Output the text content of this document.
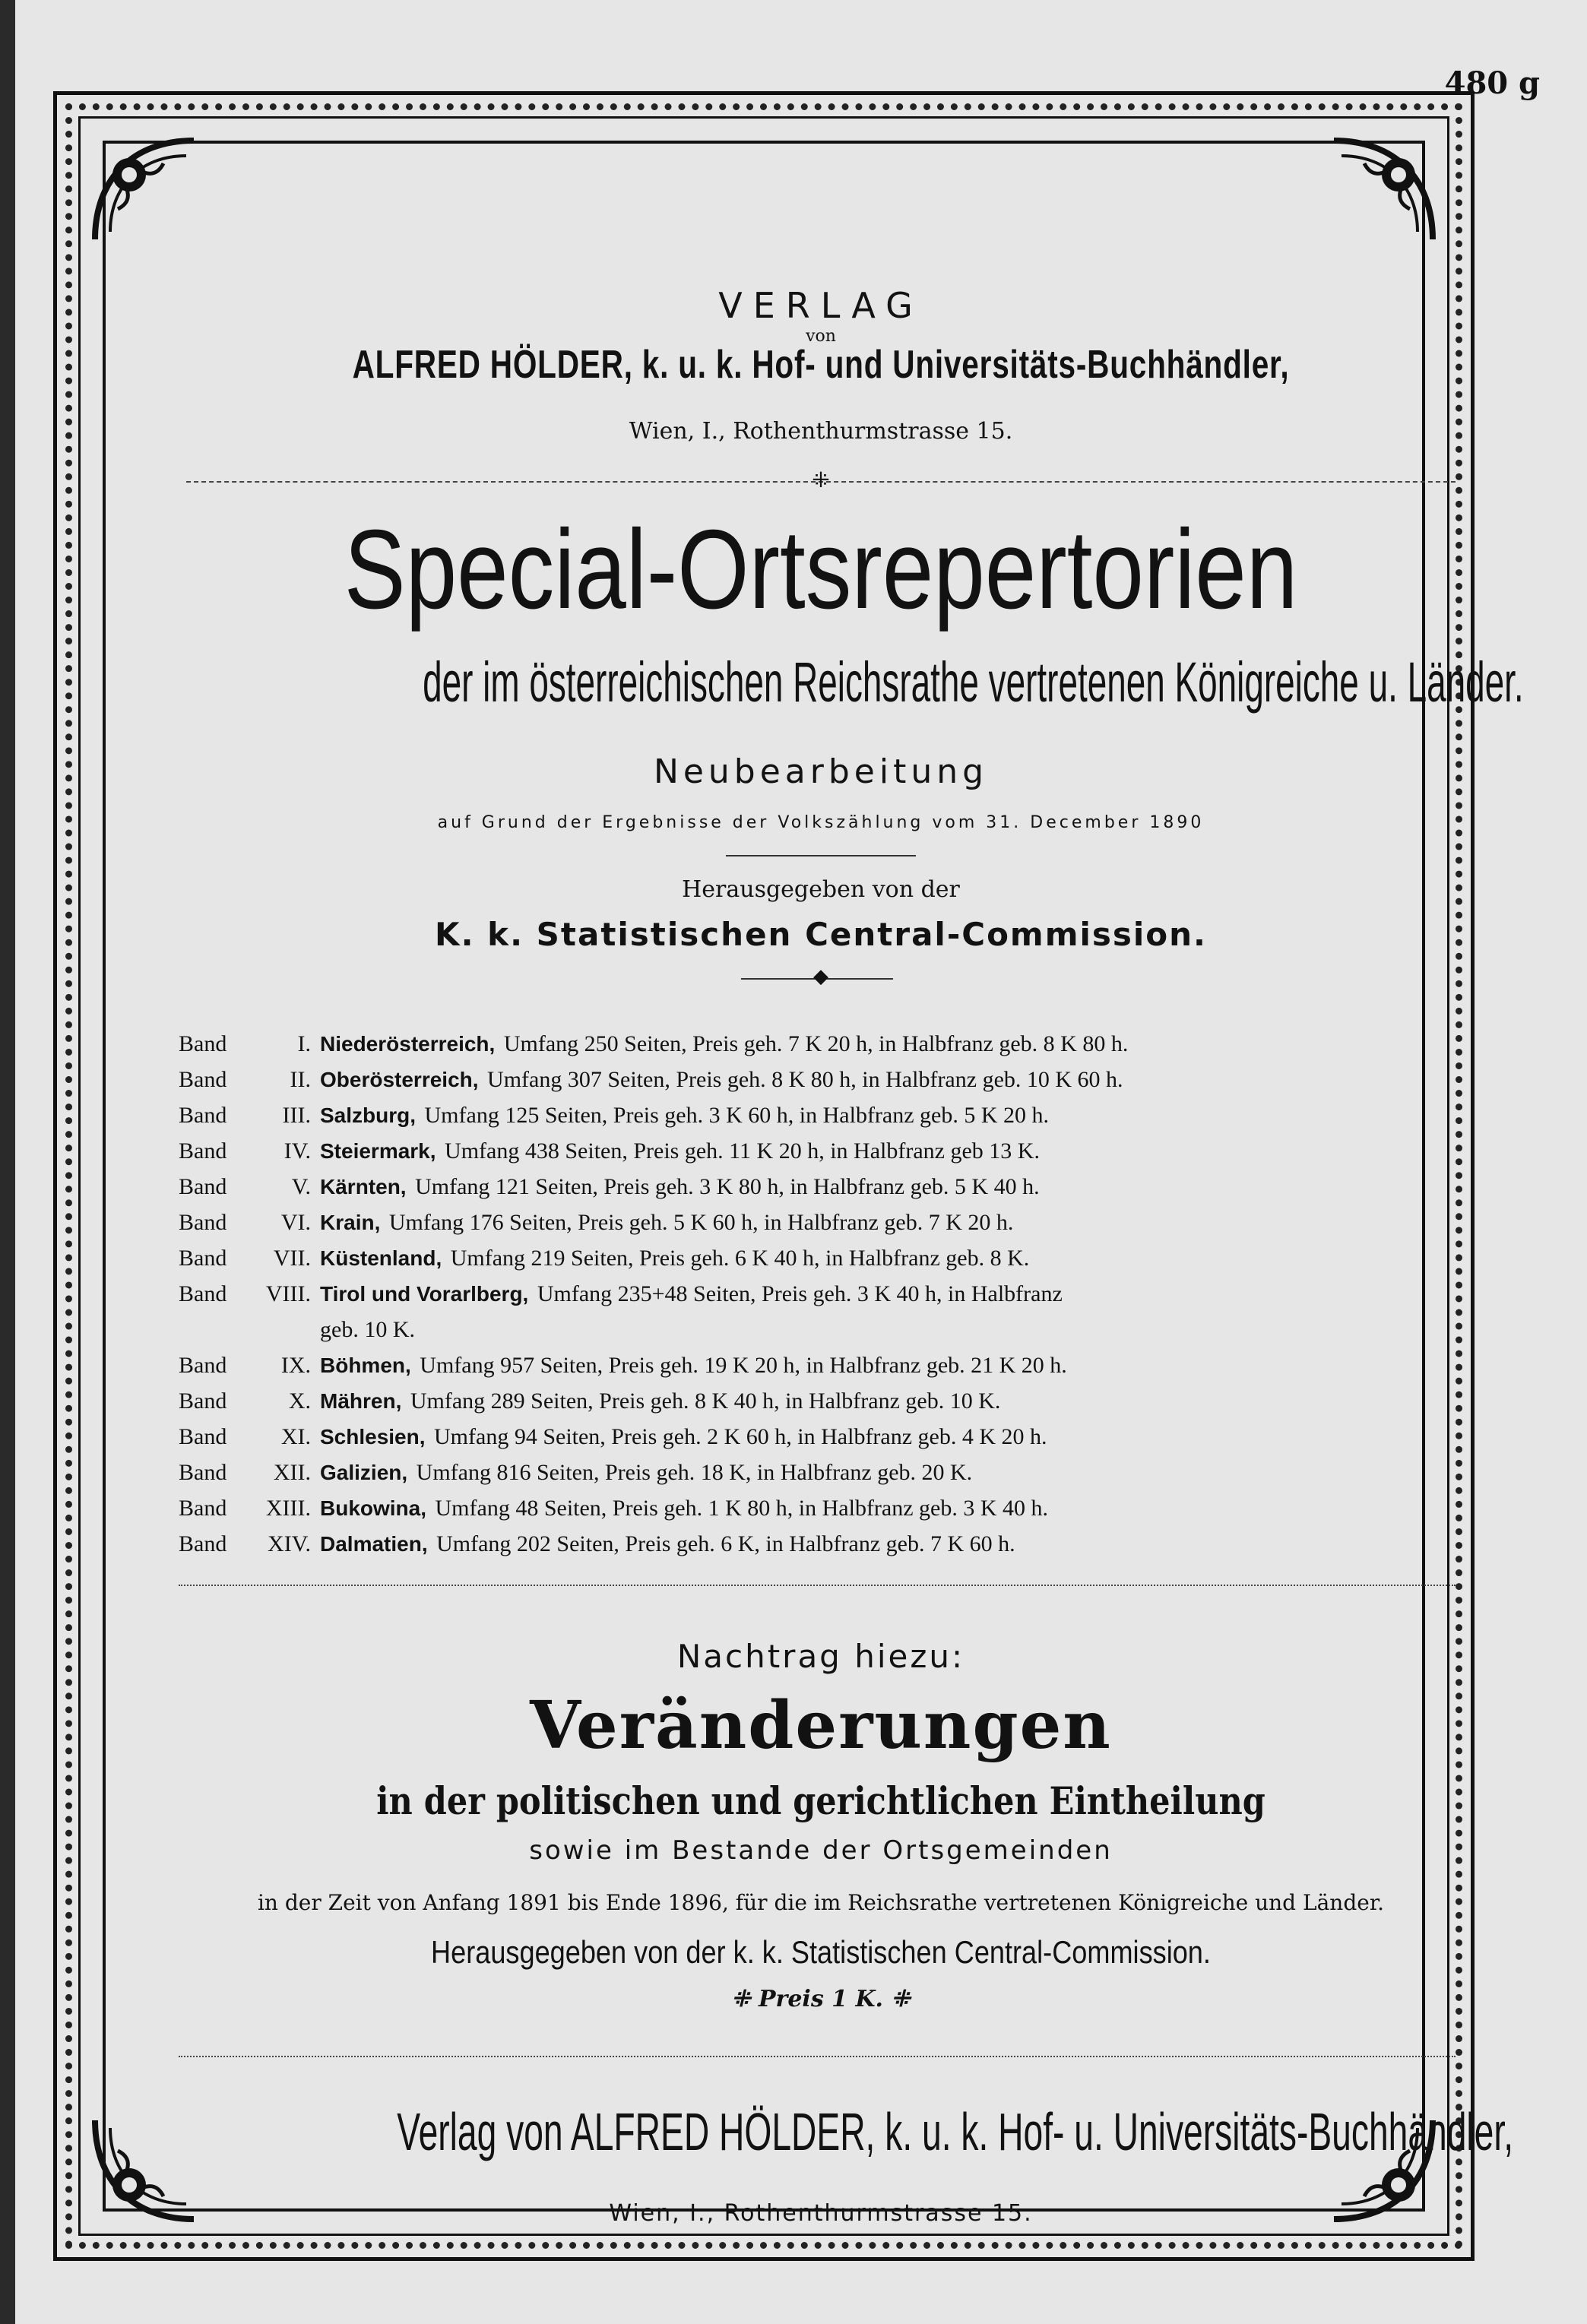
480 g
VERLAG
von
ALFRED HÖLDER, k. u. k. Hof- und Universitäts-Buchhändler,
Wien, I., Rothenthurmstrasse 15.
⁜
Special-Ortsrepertorien
der im österreichischen Reichsrathe vertretenen Königreiche u. Länder.
Neubearbeitung
auf Grund der Ergebnisse der Volkszählung vom 31. December 1890
Herausgegeben von der
K. k. Statistischen Central-Commission.
◆
Band	I. Niederösterreich, Umfang 250 Seiten, Preis geh. 7 K 20 h, in Halbfranz geb. 8 K 80 h.
Band	II. Oberösterreich, Umfang 307 Seiten, Preis geh. 8 K 80 h, in Halbfranz geb. 10 K 60 h.
Band	III. Salzburg, Umfang 125 Seiten, Preis geh. 3 K 60 h, in Halbfranz geb. 5 K 20 h.
Band	IV. Steiermark, Umfang 438 Seiten, Preis geh. 11 K 20 h, in Halbfranz geb 13 K.
Band	V. Kärnten, Umfang 121 Seiten, Preis geh. 3 K 80 h, in Halbfranz geb. 5 K 40 h.
Band	VI. Krain, Umfang 176 Seiten, Preis geh. 5 K 60 h, in Halbfranz geb. 7 K 20 h.
Band	VII. Küstenland, Umfang 219 Seiten, Preis geh. 6 K 40 h, in Halbfranz geb. 8 K.
Band	VIII. Tirol und Vorarlberg, Umfang 235+48 Seiten, Preis geh. 3 K 40 h, in Halbfranz
geb. 10 K.
Band	IX. Böhmen, Umfang 957 Seiten, Preis geh. 19 K 20 h, in Halbfranz geb. 21 K 20 h.
Band	X. Mähren, Umfang 289 Seiten, Preis geh. 8 K 40 h, in Halbfranz geb. 10 K.
Band	XI. Schlesien, Umfang 94 Seiten, Preis geh. 2 K 60 h, in Halbfranz geb. 4 K 20 h.
Band	XII. Galizien, Umfang 816 Seiten, Preis geh. 18 K, in Halbfranz geb. 20 K.
Band	XIII. Bukowina, Umfang 48 Seiten, Preis geh. 1 K 80 h, in Halbfranz geb. 3 K 40 h.
Band	XIV. Dalmatien, Umfang 202 Seiten, Preis geh. 6 K, in Halbfranz geb. 7 K 60 h.
Nachtrag hiezu:
Veränderungen
in der politischen und gerichtlichen Eintheilung
sowie im Bestande der Ortsgemeinden
in der Zeit von Anfang 1891 bis Ende 1896, für die im Reichsrathe vertretenen Königreiche und Länder.
Herausgegeben von der k. k. Statistischen Central-Commission.
⁜ Preis 1 K. ⁜
Verlag von ALFRED HÖLDER, k. u. k. Hof- u. Universitäts-Buchhändler,
Wien, I., Rothenthurmstrasse 15.
